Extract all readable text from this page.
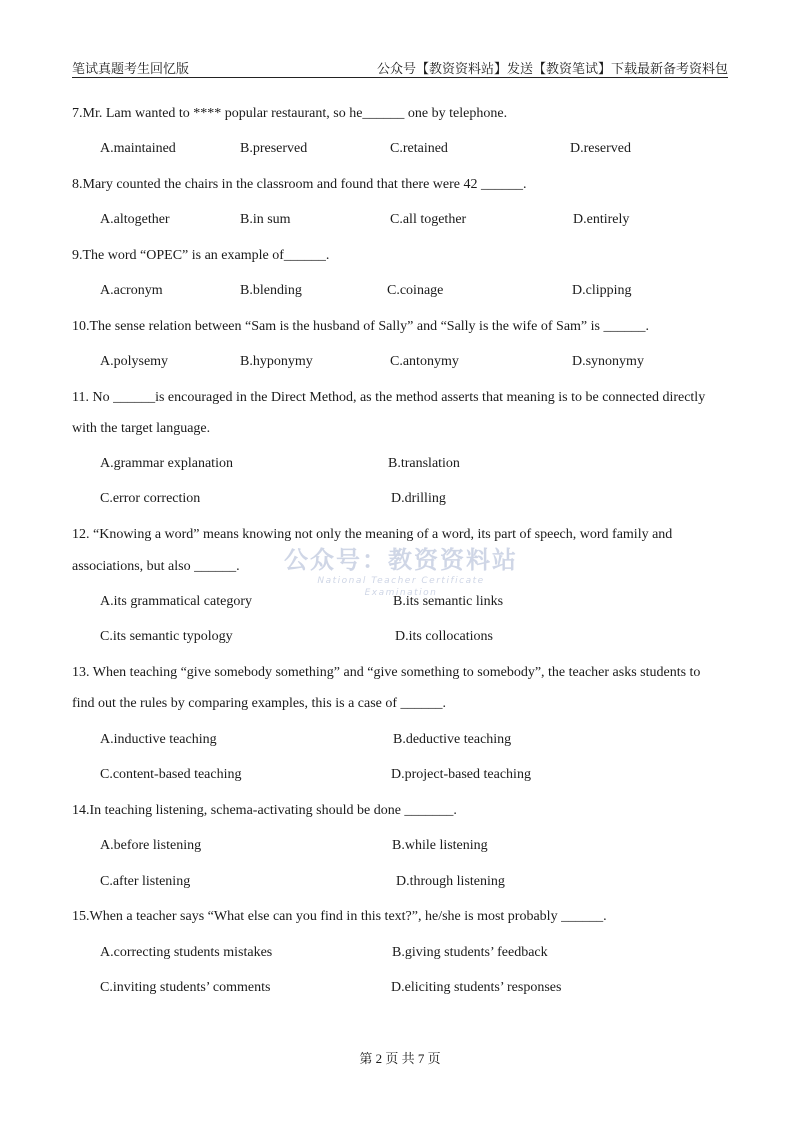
笔试真题考生回忆版	公众号【教资资料站】发送【教资笔试】下载最新备考资料包
7.Mr. Lam wanted to **** popular restaurant, so he______ one by telephone.
A.maintained	B.preserved	C.retained	D.reserved
8.Mary counted the chairs in the classroom and found that there were 42 ______.
A.altogether	B.in sum	C.all together	D.entirely
9.The word “OPEC” is an example of______.
A.acronym	B.blending	C.coinage	D.clipping
10.The sense relation between “Sam is the husband of Sally” and “Sally is the wife of Sam” is ______.
A.polysemy	B.hyponymy	C.antonymy	D.synonymy
11. No ______is encouraged in the Direct Method, as the method asserts that meaning is to be connected directly
with the target language.
A.grammar explanation	B.translation
C.error correction	D.drilling
12. “Knowing a word” means knowing not only the meaning of a word, its part of speech, word family and
associations, but also ______.
A.its grammatical category	B.its semantic links
C.its semantic typology	D.its collocations
公众号：教资资料站
National Teacher Certificate Examination
13. When teaching “give somebody something” and “give something to somebody”, the teacher asks students to
find out the rules by comparing examples, this is a case of ______.
A.inductive teaching	B.deductive teaching
C.content-based teaching	D.project-based teaching
14.In teaching listening, schema-activating should be done _______.
A.before listening	B.while listening
C.after listening	D.through listening
15.When a teacher says “What else can you find in this text?”, he/she is most probably ______.
A.correcting students mistakes	B.giving students’ feedback
C.inviting students’ comments	D.eliciting students’ responses
第 2 页 共 7 页
